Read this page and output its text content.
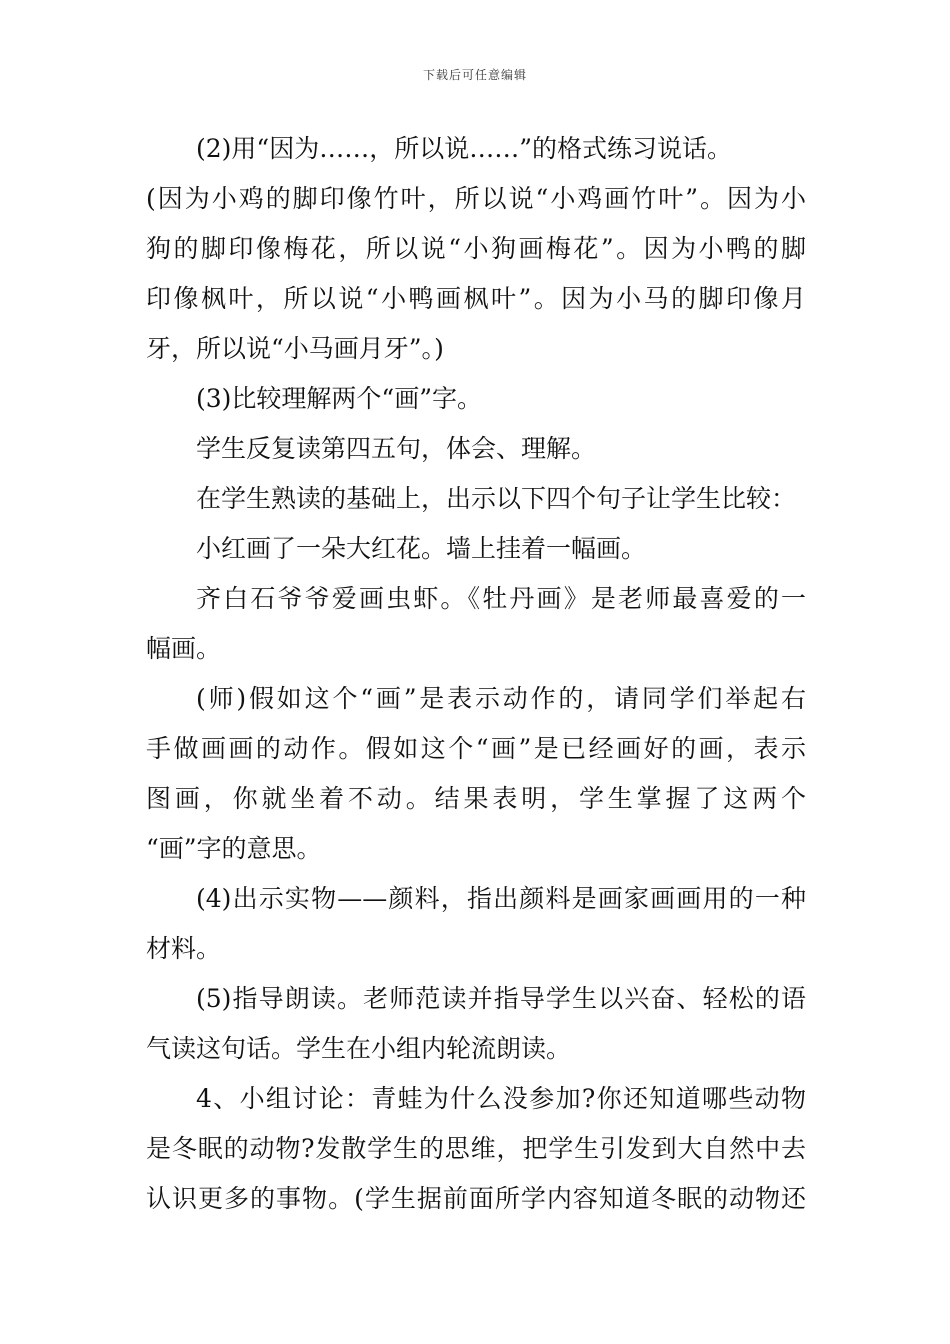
下载后可任意编辑
(2)用“因为……，所以说……”的格式练习说话。
(因为小鸡的脚印像竹叶，所以说“小鸡画竹叶”。因为小
狗的脚印像梅花，所以说“小狗画梅花”。因为小鸭的脚
印像枫叶，所以说“小鸭画枫叶”。因为小马的脚印像月
牙，所以说“小马画月牙”。)
(3)比较理解两个“画”字。
学生反复读第四五句，体会、理解。
在学生熟读的基础上，出示以下四个句子让学生比较：
小红画了一朵大红花。墙上挂着一幅画。
齐白石爷爷爱画虫虾。《牡丹画》是老师最喜爱的一
幅画。
(师)假如这个“画”是表示动作的，请同学们举起右
手做画画的动作。假如这个“画”是已经画好的画，表示
图画，你就坐着不动。结果表明，学生掌握了这两个
“画”字的意思。
(4)出示实物——颜料，指出颜料是画家画画用的一种
材料。
(5)指导朗读。老师范读并指导学生以兴奋、轻松的语
气读这句话。学生在小组内轮流朗读。
4、小组讨论：青蛙为什么没参加?你还知道哪些动物
是冬眠的动物?发散学生的思维，把学生引发到大自然中去
认识更多的事物。(学生据前面所学内容知道冬眠的动物还
